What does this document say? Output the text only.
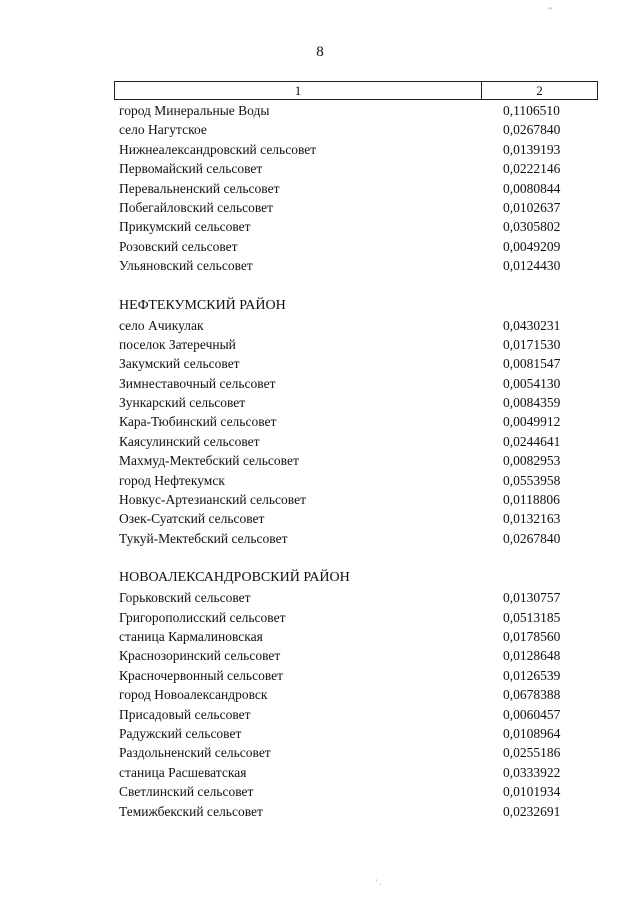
8
1	2
город Минеральные Воды	0,1106510
село Нагутское	0,0267840
Нижнеалександровский сельсовет	0,0139193
Первомайский сельсовет	0,0222146
Перевальненский сельсовет	0,0080844
Побегайловский сельсовет	0,0102637
Прикумский сельсовет	0,0305802
Розовский сельсовет	0,0049209
Ульяновский сельсовет	0,0124430
НЕФТЕКУМСКИЙ РАЙОН
село Ачикулак	0,0430231
поселок Затеречный	0,0171530
Закумский сельсовет	0,0081547
Зимнеставочный сельсовет	0,0054130
Зункарский сельсовет	0,0084359
Кара-Тюбинский сельсовет	0,0049912
Каясулинский сельсовет	0,0244641
Махмуд-Мектебский сельсовет	0,0082953
город Нефтекумск	0,0553958
Новкус-Артезианский сельсовет	0,0118806
Озек-Суатский сельсовет	0,0132163
Тукуй-Мектебский сельсовет	0,0267840
НОВОАЛЕКСАНДРОВСКИЙ РАЙОН
Горьковский сельсовет	0,0130757
Григорополисский сельсовет	0,0513185
станица Кармалиновская	0,0178560
Краснозоринский сельсовет	0,0128648
Красночервонный сельсовет	0,0126539
город Новоалександровск	0,0678388
Присадовый сельсовет	0,0060457
Радужский сельсовет	0,0108964
Раздольненский сельсовет	0,0255186
станица Расшеватская	0,0333922
Светлинский сельсовет	0,0101934
Темижбекский сельсовет	0,0232691
'''
' .
